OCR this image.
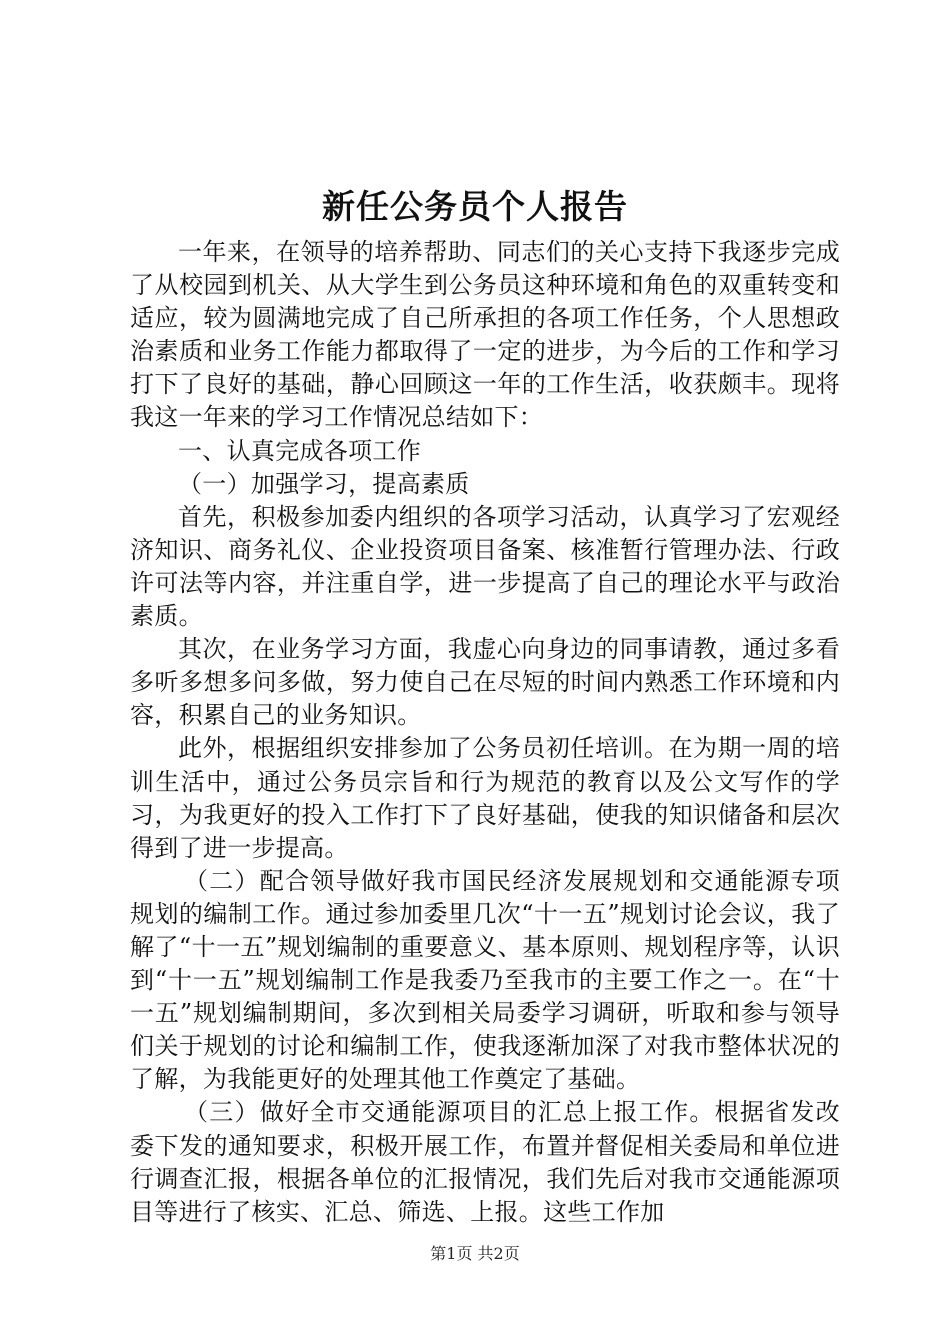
新任公务员个人报告

一年来，在领导的培养帮助、同志们的关心支持下我逐步完成了从校园到机关、从大学生到公务员这种环境和角色的双重转变和适应，较为圆满地完成了自己所承担的各项工作任务，个人思想政治素质和业务工作能力都取得了一定的进步，为今后的工作和学习打下了良好的基础，静心回顾这一年的工作生活，收获颇丰。现将我这一年来的学习工作情况总结如下：

一、认真完成各项工作

（一）加强学习，提高素质

首先，积极参加委内组织的各项学习活动，认真学习了宏观经济知识、商务礼仪、企业投资项目备案、核准暂行管理办法、行政许可法等内容，并注重自学，进一步提高了自己的理论水平与政治素质。

其次，在业务学习方面，我虚心向身边的同事请教，通过多看多听多想多问多做，努力使自己在尽短的时间内熟悉工作环境和内容，积累自己的业务知识。

此外，根据组织安排参加了公务员初任培训。在为期一周的培训生活中，通过公务员宗旨和行为规范的教育以及公文写作的学习，为我更好的投入工作打下了良好基础，使我的知识储备和层次得到了进一步提高。

（二）配合领导做好我市国民经济发展规划和交通能源专项规划的编制工作。通过参加委里几次“十一五”规划讨论会议，我了解了“十一五”规划编制的重要意义、基本原则、规划程序等，认识到“十一五”规划编制工作是我委乃至我市的主要工作之一。在“十一五”规划编制期间，多次到相关局委学习调研，听取和参与领导们关于规划的讨论和编制工作，使我逐渐加深了对我市整体状况的了解，为我能更好的处理其他工作奠定了基础。

（三）做好全市交通能源项目的汇总上报工作。根据省发改委下发的通知要求，积极开展工作，布置并督促相关委局和单位进行调查汇报，根据各单位的汇报情况，我们先后对我市交通能源项目等进行了核实、汇总、筛选、上报。这些工作加

第1页 共2页
